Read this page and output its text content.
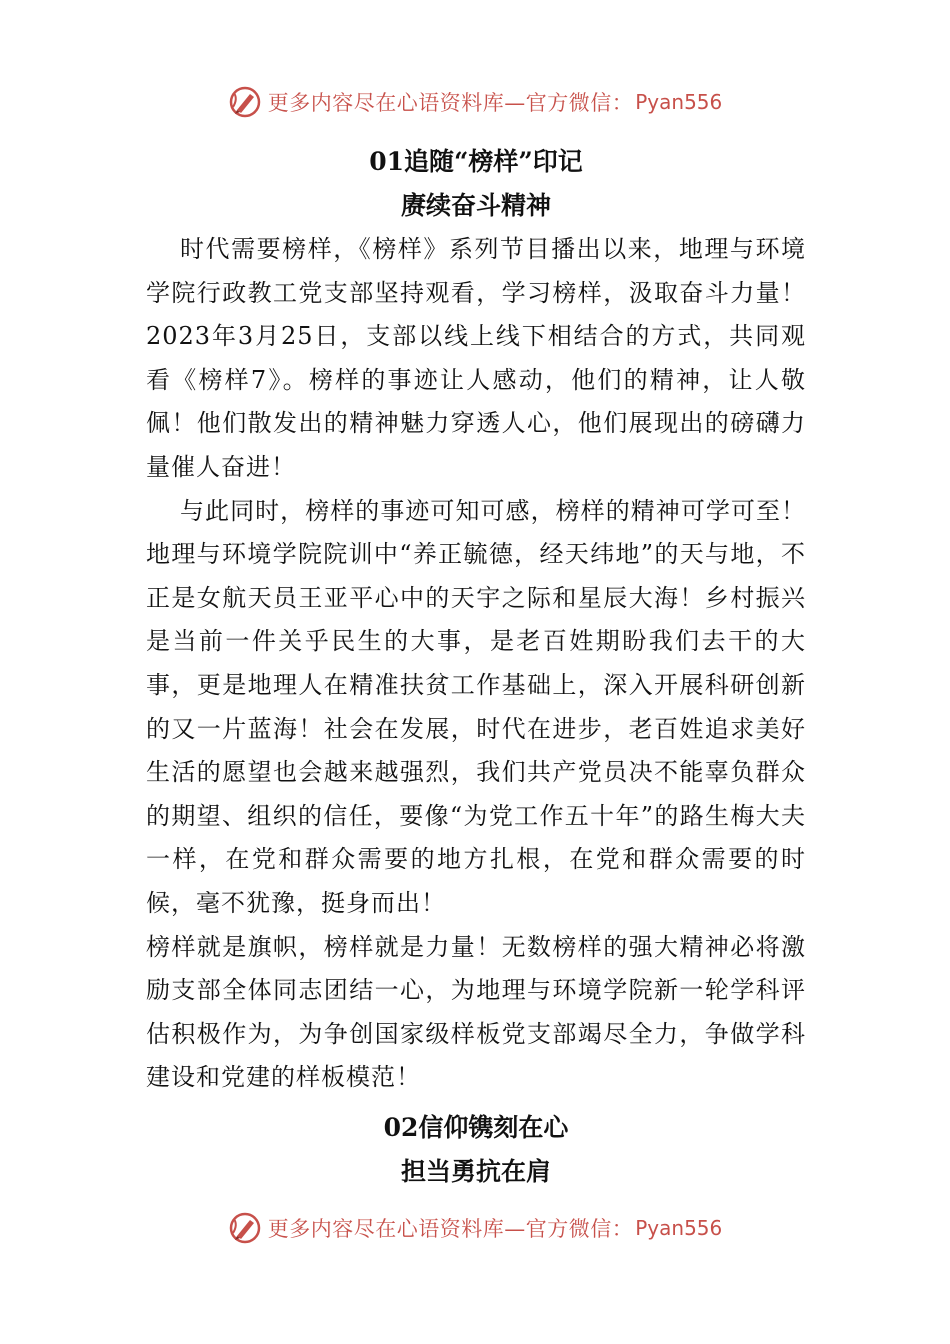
更多内容尽在心语资料库—官方微信： Pyan556

01追随“榜样”印记

赓续奋斗精神

时代需要榜样，《榜样》系列节目播出以来，地理与环境学院行政教工党支部坚持观看，学习榜样，汲取奋斗力量！2023年3月25日，支部以线上线下相结合的方式，共同观看《榜样7》。榜样的事迹让人感动，他们的精神，让人敬佩！他们散发出的精神魅力穿透人心，他们展现出的磅礴力量催人奋进！

与此同时，榜样的事迹可知可感，榜样的精神可学可至！地理与环境学院院训中“养正毓德，经天纬地”的天与地，不正是女航天员王亚平心中的天宇之际和星辰大海！乡村振兴是当前一件关乎民生的大事，是老百姓期盼我们去干的大事，更是地理人在精准扶贫工作基础上，深入开展科研创新的又一片蓝海！社会在发展，时代在进步，老百姓追求美好生活的愿望也会越来越强烈，我们共产党员决不能辜负群众的期望、组织的信任，要像“为党工作五十年”的路生梅大夫一样，在党和群众需要的地方扎根，在党和群众需要的时候，毫不犹豫，挺身而出！

榜样就是旗帜，榜样就是力量！无数榜样的强大精神必将激励支部全体同志团结一心，为地理与环境学院新一轮学科评估积极作为，为争创国家级样板党支部竭尽全力，争做学科建设和党建的样板模范！

02信仰镌刻在心

担当勇抗在肩

更多内容尽在心语资料库—官方微信： Pyan556
